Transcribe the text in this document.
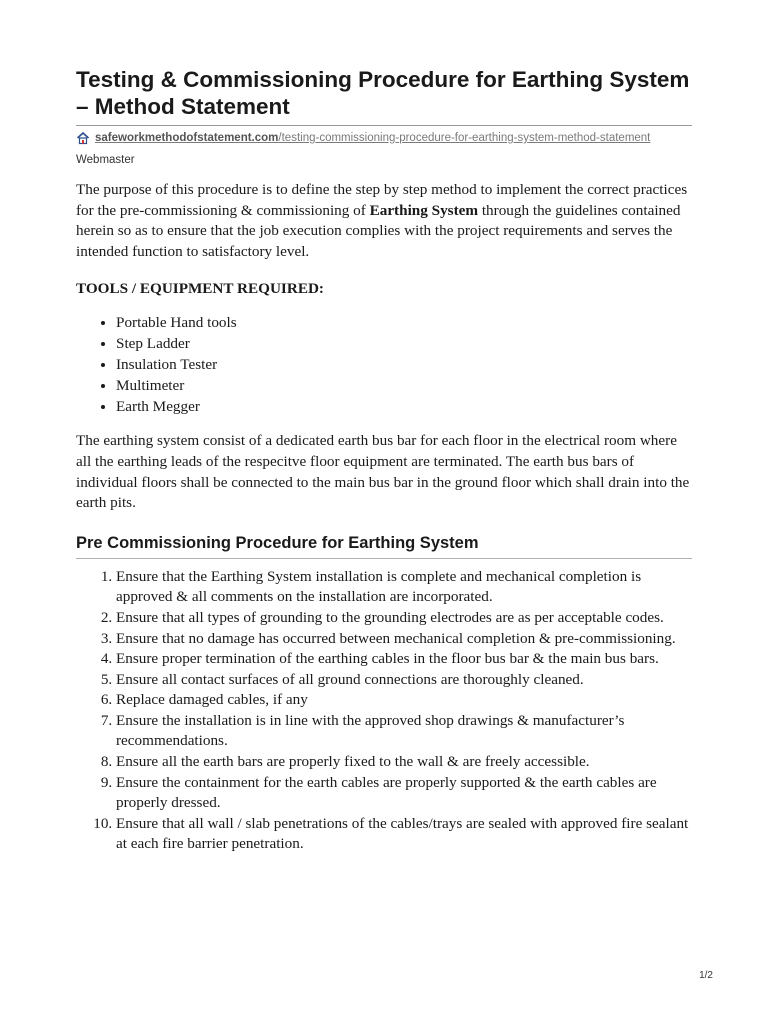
Testing & Commissioning Procedure for Earthing System – Method Statement
safeworkmethodofstatement.com/testing-commissioning-procedure-for-earthing-system-method-statement
Webmaster

The purpose of this procedure is to define the step by step method to implement the correct practices for the pre-commissioning & commissioning of Earthing System through the guidelines contained herein so as to ensure that the job execution complies with the project requirements and serves the intended function to satisfactory level.

TOOLS / EQUIPMENT REQUIRED:
• Portable Hand tools
• Step Ladder
• Insulation Tester
• Multimeter
• Earth Megger

The earthing system consist of a dedicated earth bus bar for each floor in the electrical room where all the earthing leads of the respecitve floor equipment are terminated. The earth bus bars of individual floors shall be connected to the main bus bar in the ground floor which shall drain into the earth pits.

Pre Commissioning Procedure for Earthing System
1. Ensure that the Earthing System installation is complete and mechanical completion is approved & all comments on the installation are incorporated.
2. Ensure that all types of grounding to the grounding electrodes are as per acceptable codes.
3. Ensure that no damage has occurred between mechanical completion & pre-commissioning.
4. Ensure proper termination of the earthing cables in the floor bus bar & the main bus bars.
5. Ensure all contact surfaces of all ground connections are thoroughly cleaned.
6. Replace damaged cables, if any
7. Ensure the installation is in line with the approved shop drawings & manufacturer’s recommendations.
8. Ensure all the earth bars are properly fixed to the wall & are freely accessible.
9. Ensure the containment for the earth cables are properly supported & the earth cables are properly dressed.
10. Ensure that all wall / slab penetrations of the cables/trays are sealed with approved fire sealant at each fire barrier penetration.
1/2
